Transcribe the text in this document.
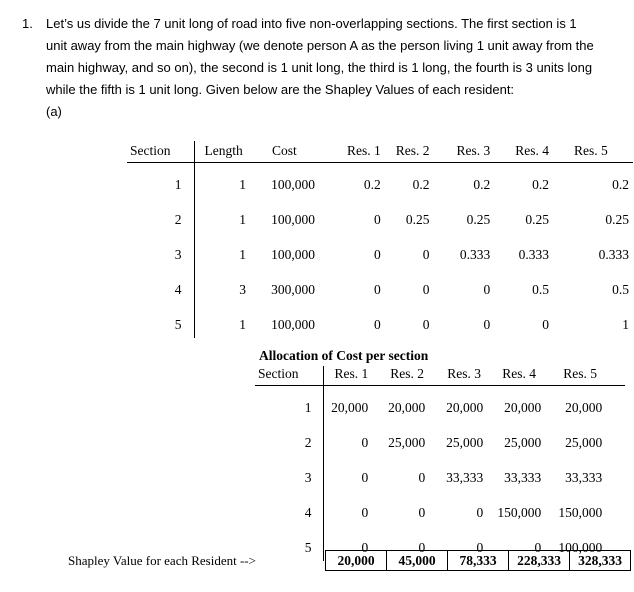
1. Let’s us divide the 7 unit long of road into five non-overlapping sections. The first section is 1
unit away from the main highway (we denote person A as the person living 1 unit away from the
main highway, and so on), the second is 1 unit long, the third is 1 long, the fourth is 3 units long
while the fifth is 1 unit long. Given below are the Shapley Values of each resident:
(a)
Section	Length	Cost	Res. 1	Res. 2	Res. 3	Res. 4	Res. 5
1	1	100,000	0.2	0.2	0.2	0.2	0.2
2	1	100,000	0	0.25	0.25	0.25	0.25
3	1	100,000	0	0	0.333	0.333	0.333
4	3	300,000	0	0	0	0.5	0.5
5	1	100,000	0	0	0	0	1
Allocation of Cost per section
Section	Res. 1	Res. 2	Res. 3	Res. 4	Res. 5
1	20,000	20,000	20,000	20,000	20,000
2	0	25,000	25,000	25,000	25,000
3	0	0	33,333	33,333	33,333
4	0	0	0	150,000	150,000
5	0	0	0	0	100,000
Shapley Value for each Resident -->	20,000	45,000	78,333	228,333	328,333
